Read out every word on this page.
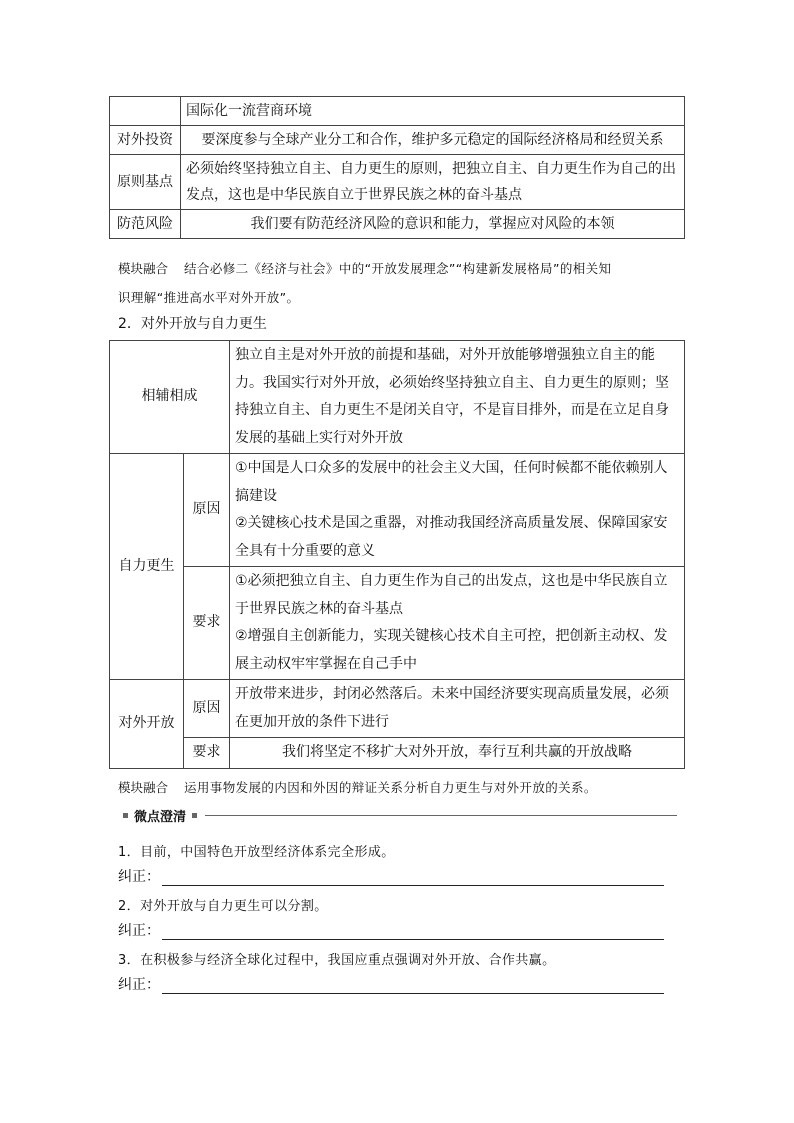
	国际化一流营商环境
对外投资	要深度参与全球产业分工和合作，维护多元稳定的国际经济格局和经贸关系
原则基点	必须始终坚持独立自主、自力更生的原则，把独立自主、自力更生作为自己的出发点，这也是中华民族自立于世界民族之林的奋斗基点
防范风险	我们要有防范经济风险的意识和能力，掌握应对风险的本领
模块融合 结合必修二《经济与社会》中的“开放发展理念”“构建新发展格局”的相关知
识理解“推进高水平对外开放”。
2．对外开放与自力更生
相辅相成		独立自主是对外开放的前提和基础，对外开放能够增强独立自主的能力。我国实行对外开放，必须始终坚持独立自主、自力更生的原则；坚持独立自主、自力更生不是闭关自守，不是盲目排外，而是在立足自身发展的基础上实行对外开放
自力更生	原因	①中国是人口众多的发展中的社会主义大国，任何时候都不能依赖别人搞建设
②关键核心技术是国之重器，对推动我国经济高质量发展、保障国家安全具有十分重要的意义

	要求	①必须把独立自主、自力更生作为自己的出发点，这也是中华民族自立于世界民族之林的奋斗基点
②增强自主创新能力，实现关键核心技术自主可控，把创新主动权、发展主动权牢牢掌握在自己手中

对外开放	原因	开放带来进步，封闭必然落后。未来中国经济要实现高质量发展，必须在更加开放的条件下进行
	要求	我们将坚定不移扩大对外开放，奉行互利共赢的开放战略
模块融合 运用事物发展的内因和外因的辩证关系分析自力更生与对外开放的关系。
微点澄清
1．目前，中国特色开放型经济体系完全形成。
纠正：
2．对外开放与自力更生可以分割。
纠正：
3．在积极参与经济全球化过程中，我国应重点强调对外开放、合作共赢。
纠正：
